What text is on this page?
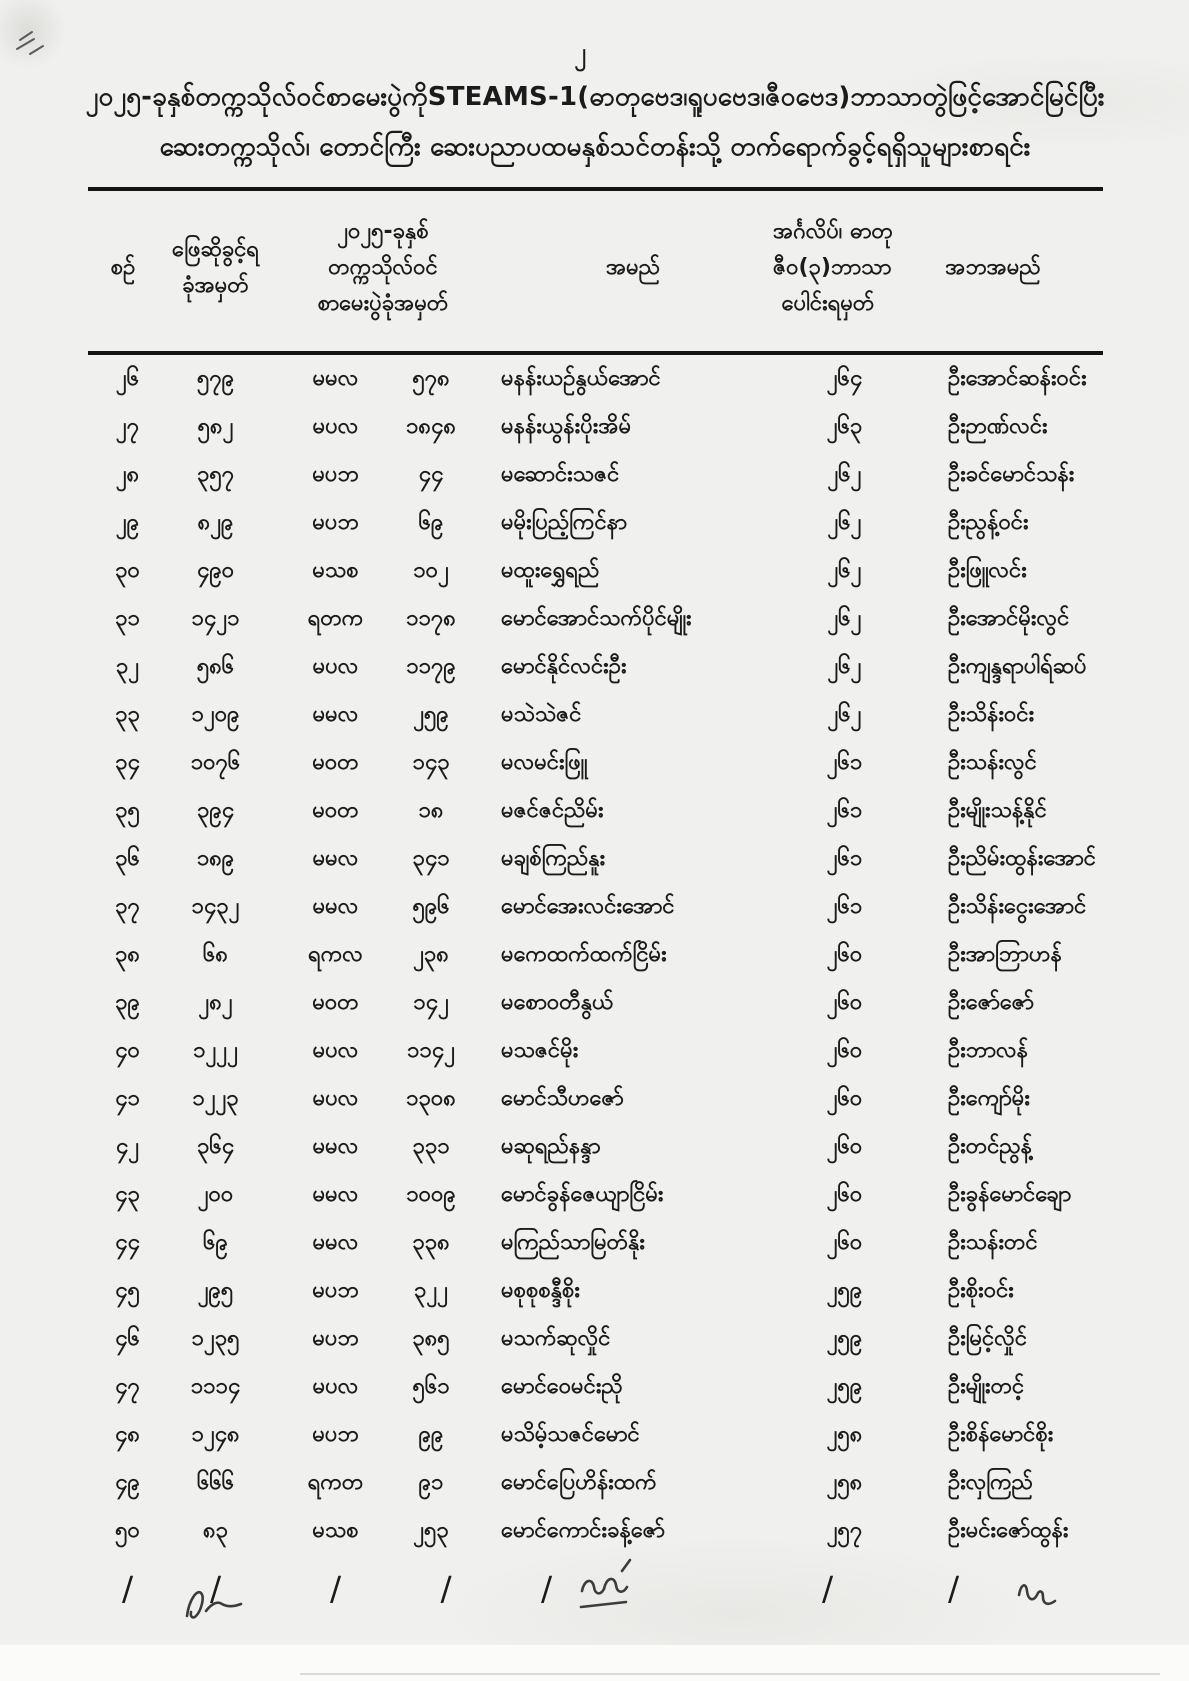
၂
၂၀၂၅-ခုနှစ်တက္ကသိုလ်ဝင်စာမေးပွဲကိုSTEAMS-1(ဓာတုဗေဒ၊ရူပဗေဒ၊ဇီဝဗေဒ)ဘာသာတွဲဖြင့်အောင်မြင်ပြီး
ဆေးတက္ကသိုလ်၊ တောင်ကြီး ဆေးပညာပထမနှစ်သင်တန်းသို့ တက်ရောက်ခွင့်ရရှိသူများစာရင်း
စဉ်

ဖြေဆိုခွင့်ရ
ခုံအမှတ်

၂၀၂၅-ခုနှစ်
တက္ကသိုလ်ဝင်
စာမေးပွဲခုံအမှတ်

အမည်

အင်္ဂလိပ်၊ ဓာတု
ဇီဝ(၃)ဘာသာ
ပေါင်းရမှတ်

အဘအမည်

၂၆	၅၇၉	မမလ	၅၇၈	မနန်းယဉ်နွယ်အောင်	၂၆၄	ဦးအောင်ဆန်းဝင်း
၂၇	၅၈၂	မပလ	၁၈၄၈	မနန်းယွန်းပိုးအိမ်	၂၆၃	ဦးဉာဏ်လင်း
၂၈	၃၅၇	မပဘ	၄၄	မဆောင်းသဇင်	၂၆၂	ဦးခင်မောင်သန်း
၂၉	၈၂၉	မပဘ	၆၉	မမိုးပြည့်ကြင်နာ	၂၆၂	ဦးညွန့်ဝင်း
၃၀	၄၉၀	မသစ	၁၀၂	မထူးရွှေရည်	၂၆၂	ဦးဖြူလင်း
၃၁	၁၄၂၁	ရတက	၁၁၇၈	မောင်အောင်သက်ပိုင်မျိုး	၂၆၂	ဦးအောင်မိုးလွင်
၃၂	၅၈၆	မပလ	၁၁၇၉	မောင်နိုင်လင်းဦး	၂၆၂	ဦးကျန္ဒရာပါရ်ဆပ်
၃၃	၁၂၀၉	မမလ	၂၅၉	မသဲသဲဇင်	၂၆၂	ဦးသိန်းဝင်း
၃၄	၁၀၇၆	မဝတ	၁၄၃	မလမင်းဖြူ	၂၆၁	ဦးသန်းလွင်
၃၅	၃၉၄	မဝတ	၁၈	မဇင်ဇင်ညိမ်း	၂၆၁	ဦးမျိုးသန့်နိုင်
၃၆	၁၈၉	မမလ	၃၄၁	မချစ်ကြည်နူး	၂၆၁	ဦးညိမ်းထွန်းအောင်
၃၇	၁၄၃၂	မမလ	၅၉၆	မောင်အေးလင်းအောင်	၂၆၁	ဦးသိန်းငွေးအောင်
၃၈	၆၈	ရကလ	၂၃၈	မကေထက်ထက်ငြိမ်း	၂၆၀	ဦးအာဘြာဟန်
၃၉	၂၈၂	မဝတ	၁၄၂	မစောဝတီနွယ်	၂၆၀	ဦးဇော်ဇော်
၄၀	၁၂၂၂	မပလ	၁၁၄၂	မသဇင်မိုး	၂၆၀	ဦးဘာလန်
၄၁	၁၂၂၃	မပလ	၁၃၀၈	မောင်သီဟဇော်	၂၆၀	ဦးကျော်မိုး
၄၂	၃၆၄	မမလ	၃၃၁	မဆုရည်နန္ဒာ	၂၆၀	ဦးတင်ညွန့်
၄၃	၂၀၀	မမလ	၁၀၀၉	မောင်ခွန်ဇေယျာငြိမ်း	၂၆၀	ဦးခွန်မောင်ချော
၄၄	၆၉	မမလ	၃၃၈	မကြည်သာမြတ်နိုး	၂၆၀	ဦးသန်းတင်
၄၅	၂၉၅	မပဘ	၃၂၂	မစုစုစန္ဒီစိုး	၂၅၉	ဦးစိုးဝင်း
၄၆	၁၂၃၅	မပဘ	၃၈၅	မသက်ဆုလှိုင်	၂၅၉	ဦးမြင့်လှိုင်
၄၇	၁၁၁၄	မပလ	၅၆၁	မောင်ဝေမင်းညို	၂၅၉	ဦးမျိုးတင့်
၄၈	၁၂၄၈	မပဘ	၉၉	မသိမ့်သဇင်မောင်	၂၅၈	ဦးစိန်မောင်စိုး
၄၉	၆၆၆	ရကတ	၉၁	မောင်ပြေဟိန်းထက်	၂၅၈	ဦးလှကြည်
၅၀	၈၃	မသစ	၂၅၃	မောင်ကောင်းခန့်ဇော်	၂၅၇	ဦးမင်းဇော်ထွန်း
/	/	/	/	/	/	/
